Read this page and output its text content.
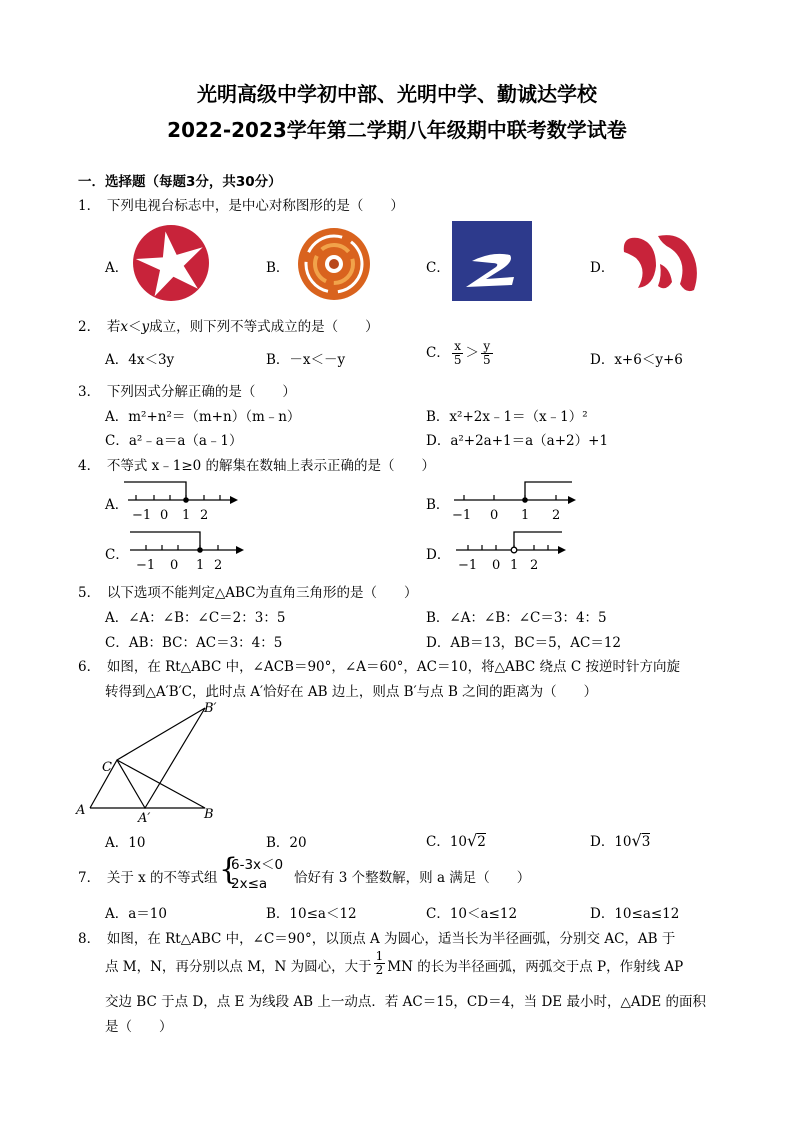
光明高级中学初中部、光明中学、勤诚达学校
2022-2023学年第二学期八年级期中联考数学试卷
一．选择题（每题3分，共30分）
1．　下列电视台标志中，是中心对称图形的是（　　）
A．	B．	C．	D．
2．　若x＜y成立，则下列不等式成立的是（　　）
A．4x＜3y	B．－x＜－y	C． $\frac{x}{5} > \frac{y}{5}$	D．x+6＜y+6
3．　下列因式分解正确的是（　　）
A．m²+n²＝（m+n）（m﹣n）	B．x²+2x﹣1＝（x﹣1）²
C．a²﹣a＝a（a﹣1）	D．a²+2a+1＝a（a+2）+1
4．　不等式 x﹣1≥0 的解集在数轴上表示正确的是（　　）
A．
−1 0 1 2
B．
−1 0 1 2
C．
−1 0 1 2
D．
−1 0 1 2
5．　以下选项不能判定△ABC为直角三角形的是（　　）
A．∠A：∠B：∠C＝2：3：5	B．∠A：∠B：∠C＝3：4：5
C．AB：BC：AC＝3：4：5	D．AB＝13，BC＝5，AC＝12
6．　如图，在 Rt△ABC 中，∠ACB＝90°，∠A＝60°，AC＝10，将△ABC 绕点 C 按逆时针方向旋
转得到△A′B′C，此时点 A′恰好在 AB 边上，则点 B′与点 B 之间的距离为（　　）
A	B
C
A′
B′
A．10	B．20	C．10√2	D．10√3
7．　关于 x 的不等式组 {
6-3x＜0
2x≤a 恰好有 3 个整数解，则 a 满足（　　）
A．a＝10	B．10≤a＜12	C．10＜a≤12	D．10≤a≤12
8．　如图，在 Rt△ABC 中，∠C＝90°，以顶点 A 为圆心，适当长为半径画弧，分别交 AC，AB 于
点 M，N，再分别以点 M，N 为圆心，大于 $\frac{1}{2}$ MN 的长为半径画弧，两弧交于点 P，作射线 AP
交边 BC 于点 D，点 E 为线段 AB 上一动点．若 AC＝15，CD＝4，当 DE 最小时，△ADE 的面积
是（　　）
